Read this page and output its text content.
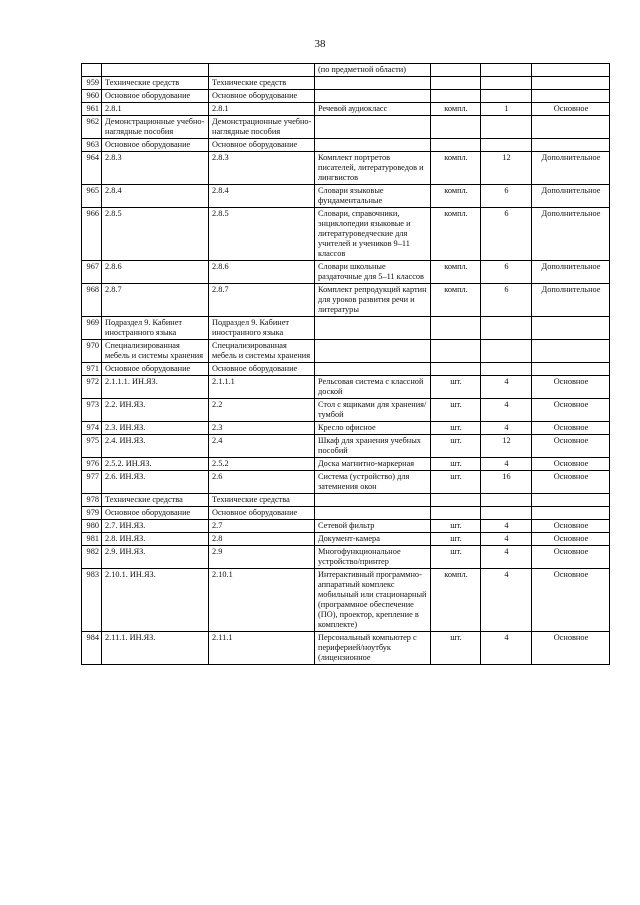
38
			(по предметной области)			
959	Технические средств	Технические средств				
960	Основное оборудование	Основное оборудование				
961	2.8.1	2.8.1	Речевой аудиокласс	компл.	1	Основное
962	Демонстрационные учебно-наглядные пособия	Демонстрационные учебно-наглядные пособия				
963	Основное оборудование	Основное оборудование				
964	2.8.3	2.8.3	Комплект портретов писателей, литературоведов и лингвистов	компл.	12	Дополнительное
965	2.8.4	2.8.4	Словари языковые фундаментальные	компл.	6	Дополнительное
966	2.8.5	2.8.5	Словари, справочники, энциклопедии языковые и литературоведческие для учителей и учеников 9–11 классов	компл.	6	Дополнительное
967	2.8.6	2.8.6	Словари школьные раздаточные для 5–11 классов	компл.	6	Дополнительное
968	2.8.7	2.8.7	Комплект репродукций картин для уроков развития речи и литературы	компл.	6	Дополнительное
969	Подраздел 9. Кабинет иностранного языка	Подраздел 9. Кабинет иностранного языка				
970	Специализированная мебель и системы хранения	Специализированная мебель и системы хранения				
971	Основное оборудование	Основное оборудование				
972	2.1.1.1. ИН.ЯЗ.	2.1.1.1	Рельсовая система с классной доской	шт.	4	Основное
973	2.2. ИН.ЯЗ.	2.2	Стол с ящиками для хранения/тумбой	шт.	4	Основное
974	2.3. ИН.ЯЗ.	2.3	Кресло офисное	шт.	4	Основное
975	2.4. ИН.ЯЗ.	2.4	Шкаф для хранения учебных пособий	шт.	12	Основное
976	2.5.2. ИН.ЯЗ.	2.5.2	Доска магнитно-маркерная	шт.	4	Основное
977	2.6. ИН.ЯЗ.	2.6	Система (устройство) для затемнения окон	шт.	16	Основное
978	Технические средства	Технические средства				
979	Основное оборудование	Основное оборудование				
980	2.7. ИН.ЯЗ.	2.7	Сетевой фильтр	шт.	4	Основное
981	2.8. ИН.ЯЗ.	2.8	Документ-камера	шт.	4	Основное
982	2.9. ИН.ЯЗ.	2.9	Многофункциональное устройство/принтер	шт.	4	Основное
983	2.10.1. ИН.ЯЗ.	2.10.1	Интерактивный программно-аппаратный комплекс мобильный или стационарный (программное обеспечение (ПО), проектор, крепление в комплекте)	компл.	4	Основное
984	2.11.1. ИН.ЯЗ.	2.11.1	Персональный компьютер с периферией/ноутбук (лицензионное	шт.	4	Основное
